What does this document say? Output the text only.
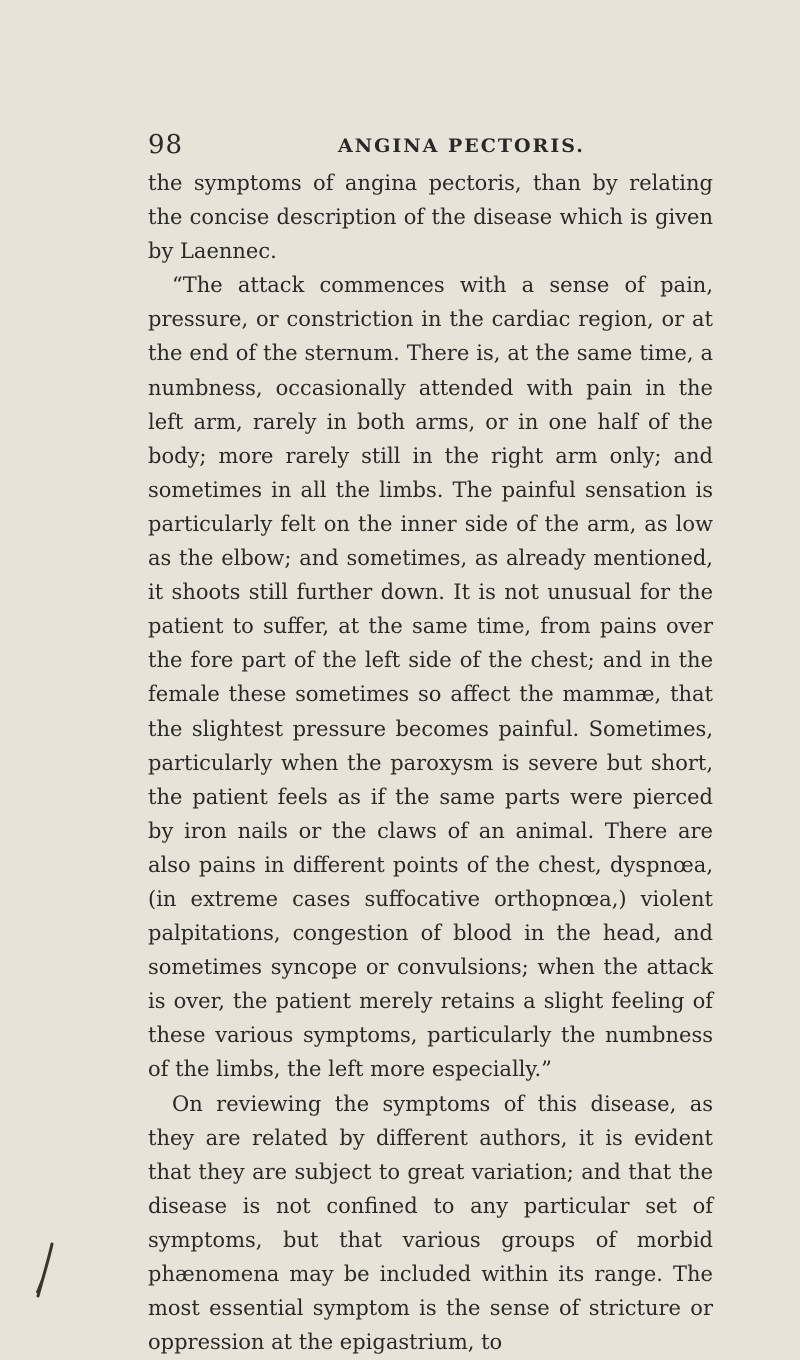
98	ANGINA PECTORIS.

the symptoms of angina pectoris, than by relating the concise description of the disease which is given by Laennec.

“The attack commences with a sense of pain, pressure, or constriction in the cardiac region, or at the end of the sternum. There is, at the same time, a numbness, occasionally attended with pain in the left arm, rarely in both arms, or in one half of the body; more rarely still in the right arm only; and sometimes in all the limbs. The painful sensation is particularly felt on the inner side of the arm, as low as the elbow; and sometimes, as already mentioned, it shoots still further down. It is not unusual for the patient to suffer, at the same time, from pains over the fore part of the left side of the chest; and in the female these sometimes so affect the mammæ, that the slightest pressure becomes painful. Sometimes, particularly when the paroxysm is severe but short, the patient feels as if the same parts were pierced by iron nails or the claws of an animal. There are also pains in different points of the chest, dyspnœa, (in extreme cases suffocative orthopnœa,) violent palpitations, congestion of blood in the head, and sometimes syncope or convulsions; when the attack is over, the patient merely retains a slight feeling of these various symptoms, particularly the numbness of the limbs, the left more especially.”

On reviewing the symptoms of this disease, as they are related by different authors, it is evident that they are subject to great variation; and that the disease is not confined to any particular set of symptoms, but that various groups of morbid phænomena may be included within its range. The most essential symptom is the sense of stricture or oppression at the epigastrium, to
